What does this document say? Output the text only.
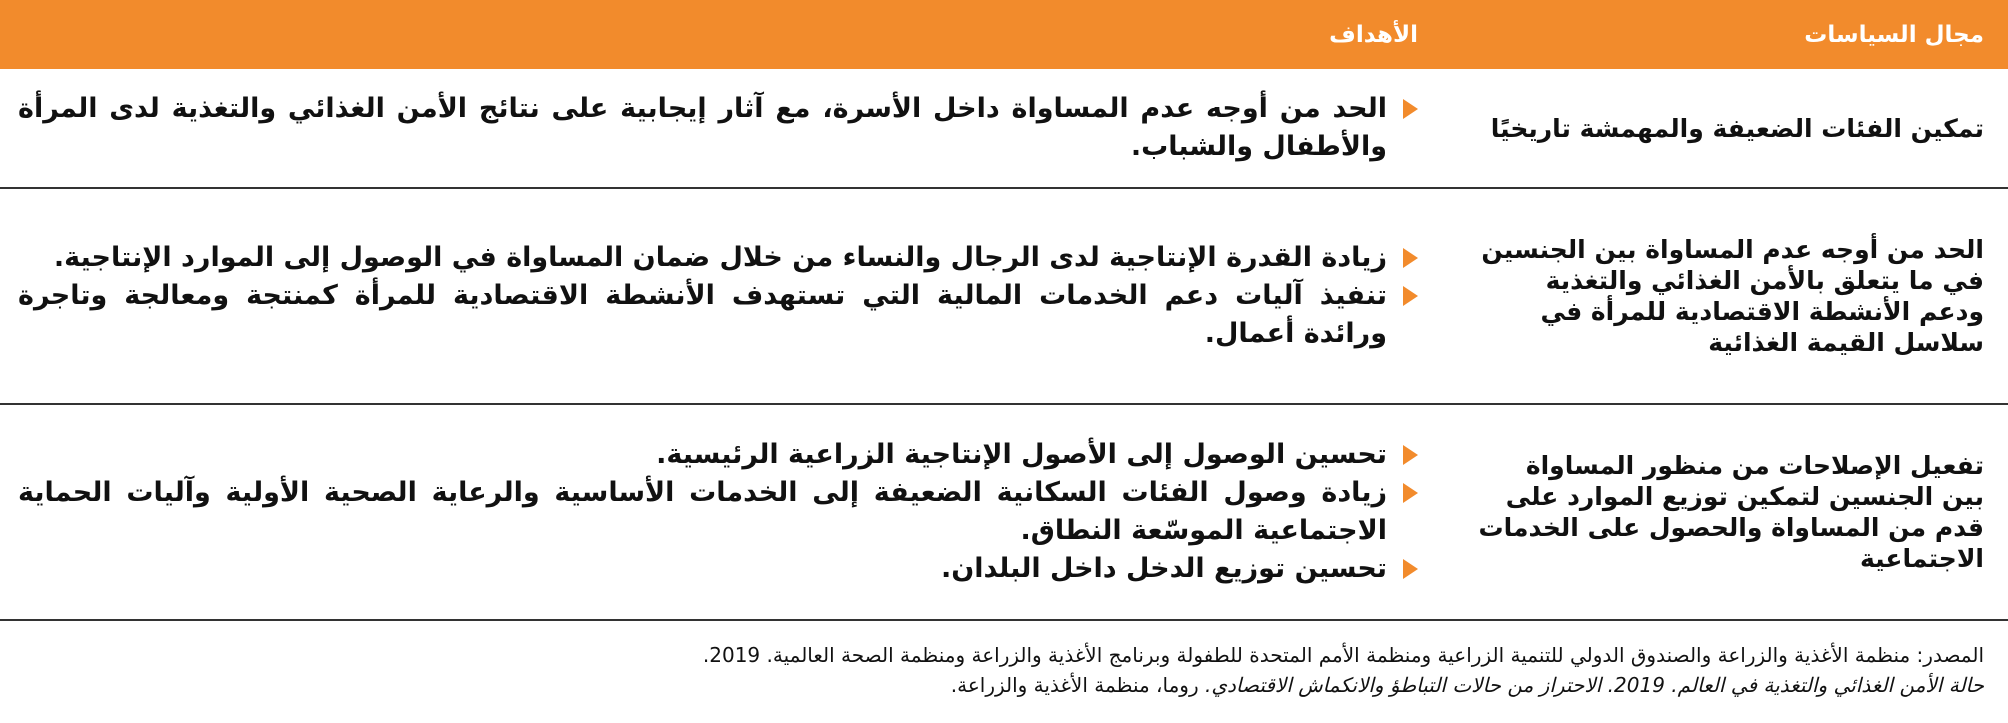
مجال السياسات
الأهداف
تمكين الفئات الضعيفة والمهمشة تاريخيًا
الحد من أوجه عدم المساواة داخل الأسرة، مع آثار إيجابية على نتائج الأمن الغذائي والتغذية لدى المرأة والأطفال والشباب.
الحد من أوجه عدم المساواة بين الجنسين في ما يتعلق بالأمن الغذائي والتغذية ودعم الأنشطة الاقتصادية للمرأة في سلاسل القيمة الغذائية
زيادة القدرة الإنتاجية لدى الرجال والنساء من خلال ضمان المساواة في الوصول إلى الموارد الإنتاجية.
تنفيذ آليات دعم الخدمات المالية التي تستهدف الأنشطة الاقتصادية للمرأة كمنتجة ومعالجة وتاجرة ورائدة أعمال.
تفعيل الإصلاحات من منظور المساواة بين الجنسين لتمكين توزيع الموارد على قدم من المساواة والحصول على الخدمات الاجتماعية
تحسين الوصول إلى الأصول الإنتاجية الزراعية الرئيسية.
زيادة وصول الفئات السكانية الضعيفة إلى الخدمات الأساسية والرعاية الصحية الأولية وآليات الحماية الاجتماعية الموسّعة النطاق.
تحسين توزيع الدخل داخل البلدان.
المصدر: منظمة الأغذية والزراعة والصندوق الدولي للتنمية الزراعية ومنظمة الأمم المتحدة للطفولة وبرنامج الأغذية والزراعة ومنظمة الصحة العالمية. 2019.
حالة الأمن الغذائي والتغذية في العالم. 2019. الاحتراز من حالات التباطؤ والانكماش الاقتصادي. روما، منظمة الأغذية والزراعة.
